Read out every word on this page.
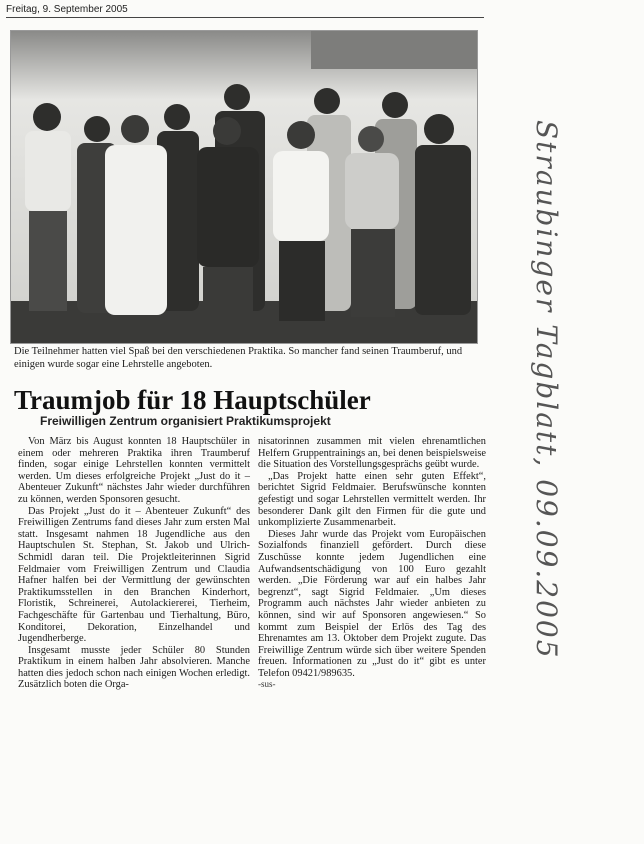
Freitag, 9. September 2005
Die Teilnehmer hatten viel Spaß bei den verschiedenen Praktika. So mancher fand seinen Traumberuf, und einigen wurde sogar eine Lehrstelle angeboten.
Traumjob für 18 Hauptschüler
Freiwilligen Zentrum organisiert Praktikumsprojekt

Von März bis August konnten 18 Hauptschüler in einem oder mehreren Praktika ihren Traumberuf finden, sogar einige Lehrstellen konnten vermittelt werden. Um dieses erfolgreiche Projekt „Just do it – Abenteuer Zukunft“ nächstes Jahr wieder durchführen zu können, werden Sponsoren gesucht.

Das Projekt „Just do it – Abenteuer Zukunft“ des Freiwilligen Zentrums fand dieses Jahr zum ersten Mal statt. Insgesamt nahmen 18 Jugendliche aus den Hauptschulen St. Stephan, St. Jakob und Ulrich-Schmidl daran teil. Die Projektleiterinnen Sigrid Feldmaier vom Freiwilligen Zentrum und Claudia Hafner halfen bei der Vermittlung der gewünschten Praktikumsstellen in den Branchen Kinderhort, Floristik, Schreinerei, Autolackiererei, Tierheim, Fachgeschäfte für Gartenbau und Tierhaltung, Büro, Konditorei, Dekoration, Einzelhandel und Jugendherberge.

Insgesamt musste jeder Schüler 80 Stunden Praktikum in einem halben Jahr absolvieren. Manche hatten dies jedoch schon nach einigen Wochen erledigt. Zusätzlich boten die Orga-

nisatorinnen zusammen mit vielen ehrenamtlichen Helfern Gruppentrainings an, bei denen beispielsweise die Situation des Vorstellungsgesprächs geübt wurde.

„Das Projekt hatte einen sehr guten Effekt“, berichtet Sigrid Feldmaier. Berufswünsche konnten gefestigt und sogar Lehrstellen vermittelt werden. Ihr besonderer Dank gilt den Firmen für die gute und unkomplizierte Zusammenarbeit.

Dieses Jahr wurde das Projekt vom Europäischen Sozialfonds finanziell gefördert. Durch diese Zuschüsse konnte jedem Jugendlichen eine Aufwandsentschädigung von 100 Euro gezahlt werden. „Die Förderung war auf ein halbes Jahr begrenzt“, sagt Sigrid Feldmaier. „Um dieses Programm auch nächstes Jahr wieder anbieten zu können, sind wir auf Sponsoren angewiesen.“ So kommt zum Beispiel der Erlös des Tag des Ehrenamtes am 13. Oktober dem Projekt zugute. Das Freiwillige Zentrum würde sich über weitere Spenden freuen. Informationen zu „Just do it“ gibt es unter Telefon 09421/989635.

-sus-

Straubinger Tagblatt, 09.09.2005
